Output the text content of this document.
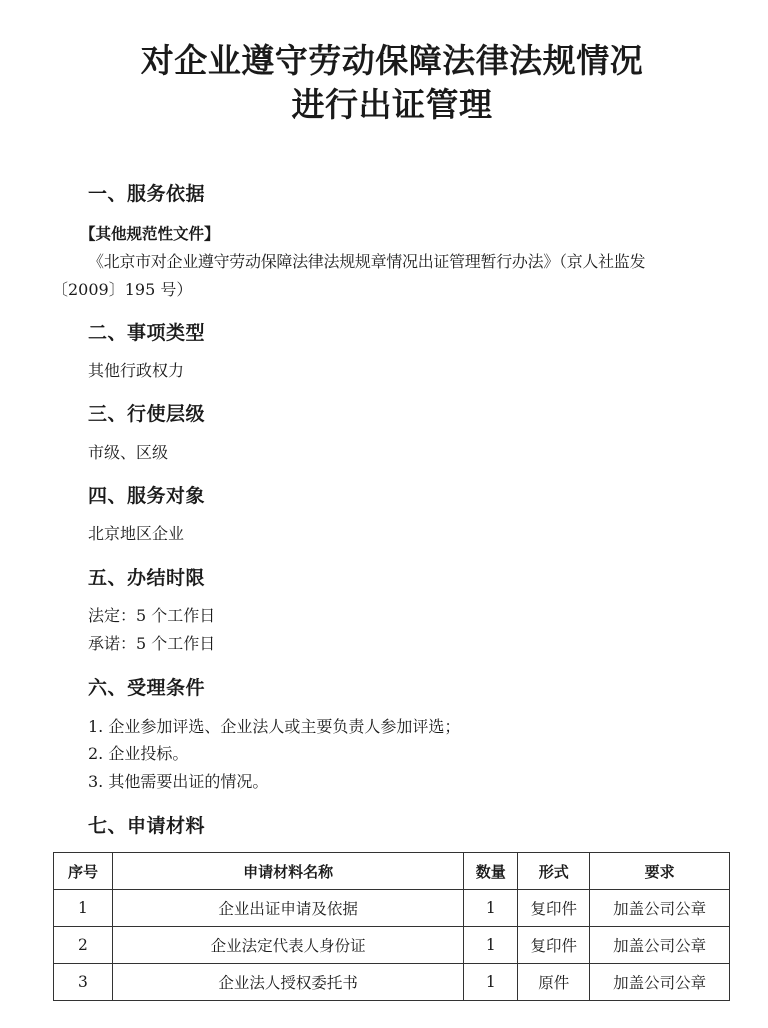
对企业遵守劳动保障法律法规情况
进行出证管理
一、服务依据

【其他规范性文件】

《北京市对企业遵守劳动保障法律法规规章情况出证管理暂行办法》（京人社监发

〔2009〕195 号）

二、事项类型

其他行政权力

三、行使层级

市级、区级

四、服务对象

北京地区企业

五、办结时限

法定：5 个工作日

承诺：5 个工作日

六、受理条件

1. 企业参加评选、企业法人或主要负责人参加评选；

2. 企业投标。

3. 其他需要出证的情况。

七、申请材料
序号	申请材料名称	数量	形式	要求
1	企业出证申请及依据	1	复印件	加盖公司公章
2	企业法定代表人身份证	1	复印件	加盖公司公章
3	企业法人授权委托书	1	原件	加盖公司公章
